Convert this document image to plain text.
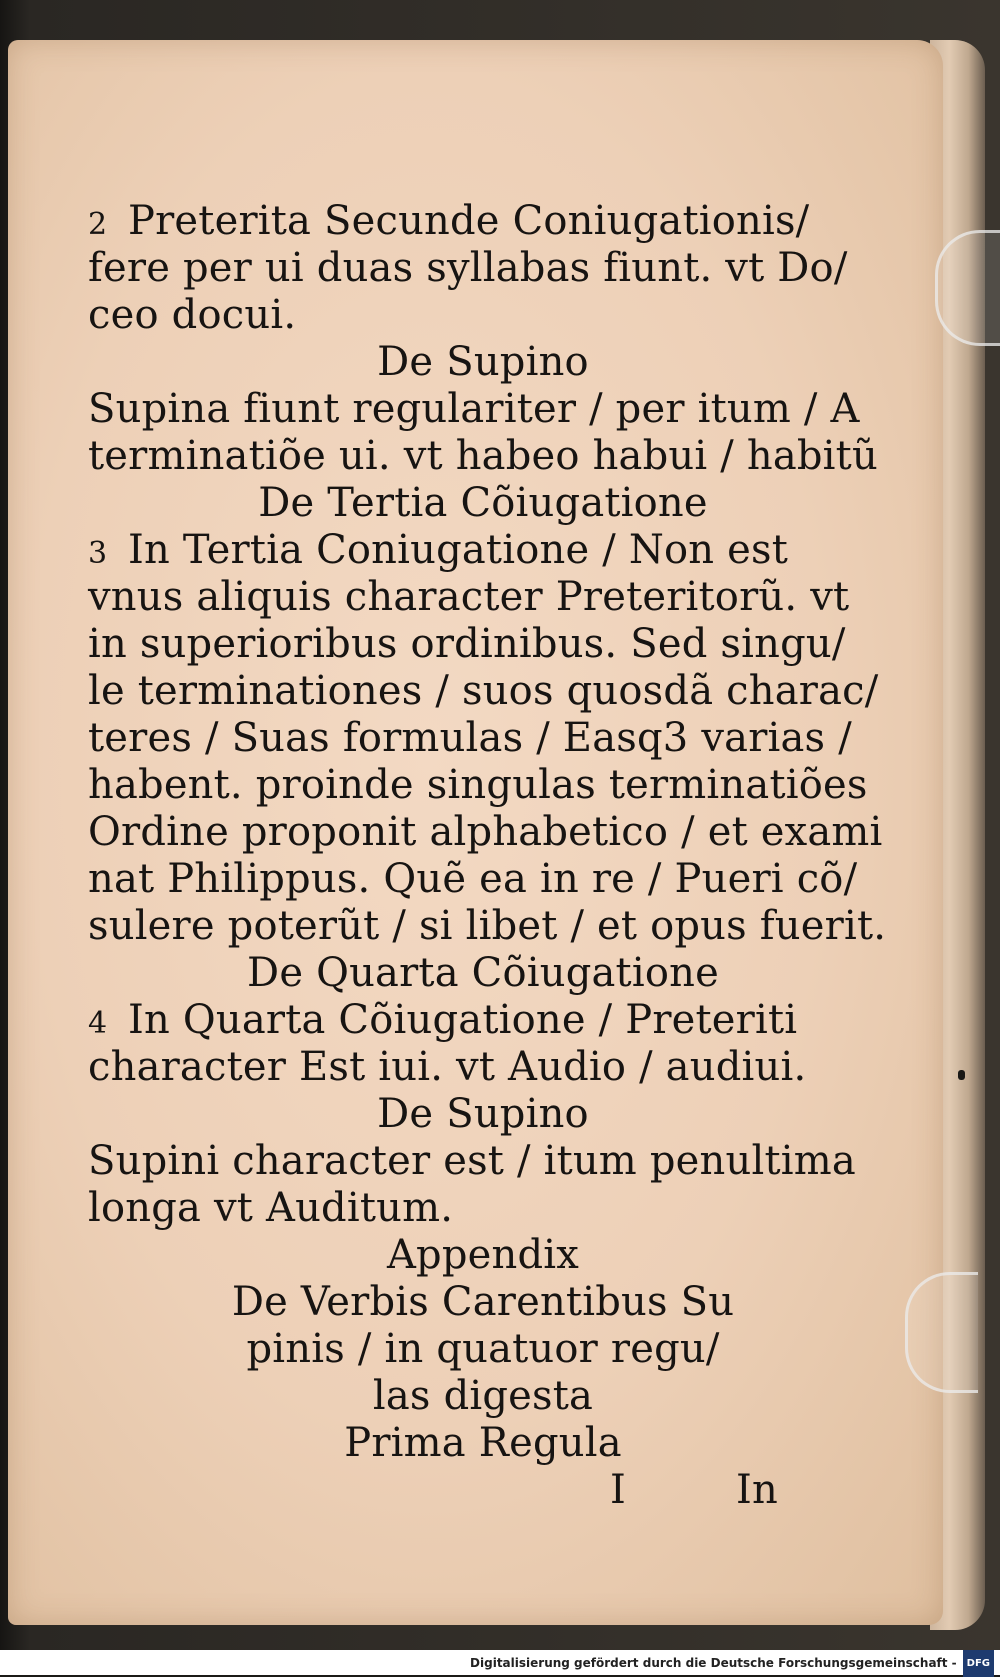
2 Preterita Secunde Coniugationis/
fere per ui duas syllabas fiunt. vt Do/
ceo docui.
De Supino
Supina fiunt regulariter / per itum / A
terminatiõe ui. vt habeo habui / habitũ
De Tertia Cõiugatione
3 In Tertia Coniugatione / Non est
vnus aliquis character Preteritorũ. vt
in superioribus ordinibus. Sed singu/
le terminationes / suos quosdã charac/
teres / Suas formulas / Easq3 varias /
habent. proinde singulas terminatiões
Ordine proponit alphabetico / et exami
nat Philippus. Quẽ ea in re / Pueri cõ/
sulere poterũt / si libet / et opus fuerit.
De Quarta Cõiugatione
4 In Quarta Cõiugatione / Preteriti
character Est iui. vt Audio / audiui.
De Supino
Supini character est / itum penultima
longa vt Auditum.
Appendix
De Verbis Carentibus Su
pinis / in quatuor regu/
las digesta
Prima Regula
I	In
Digitalisierung gefördert durch die Deutsche Forschungsgemeinschaft - DFG
